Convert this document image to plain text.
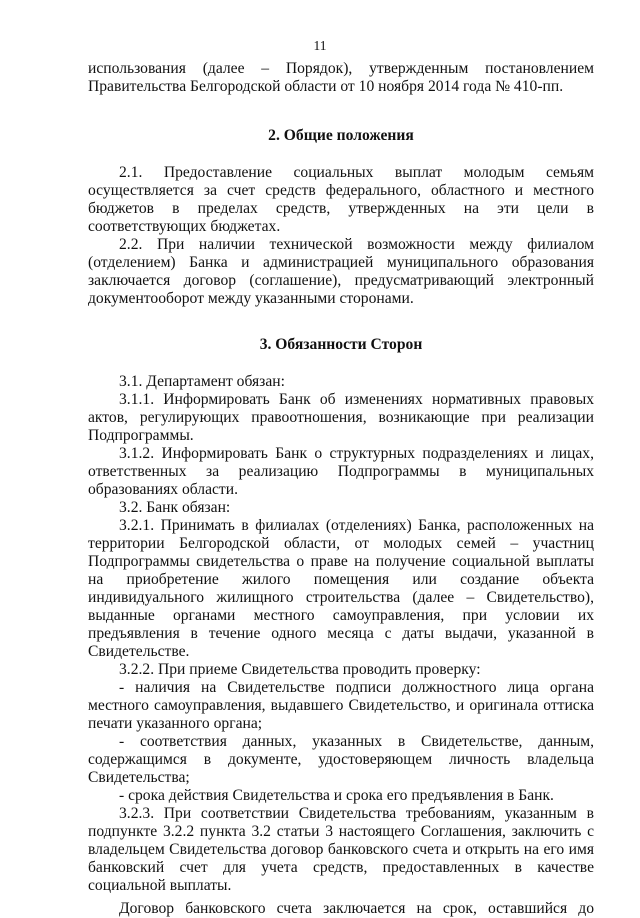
11

использования (далее – Порядок), утвержденным постановлением

Правительства Белгородской области от 10 ноября 2014 года № 410-пп.

2. Общие положения

2.1. Предоставление социальных выплат молодым семьям осуществляется за счет средств федерального, областного и местного бюджетов в пределах средств, утвержденных на эти цели в соответствующих бюджетах.

2.2. При наличии технической возможности между филиалом (отделением) Банка и администрацией муниципального образования заключается договор (соглашение), предусматривающий электронный документооборот между указанными сторонами.

3. Обязанности Сторон

3.1. Департамент обязан:

3.1.1. Информировать Банк об изменениях нормативных правовых актов, регулирующих правоотношения, возникающие при реализации Подпрограммы.

3.1.2. Информировать Банк о структурных подразделениях и лицах, ответственных за реализацию Подпрограммы в муниципальных образованиях области.

3.2. Банк обязан:

3.2.1. Принимать в филиалах (отделениях) Банка, расположенных на территории Белгородской области, от молодых семей – участниц Подпрограммы свидетельства о праве на получение социальной выплаты на приобретение жилого помещения или создание объекта индивидуального жилищного строительства (далее – Свидетельство), выданные органами местного самоуправления, при условии их предъявления в течение одного месяца с даты выдачи, указанной в Свидетельстве.

3.2.2. При приеме Свидетельства проводить проверку:

- наличия на Свидетельстве подписи должностного лица органа местного самоуправления, выдавшего Свидетельство, и оригинала оттиска печати указанного органа;

- соответствия данных, указанных в Свидетельстве, данным, содержащимся в документе, удостоверяющем личность владельца Свидетельства;

- срока действия Свидетельства и срока его предъявления в Банк.

3.2.3. При соответствии Свидетельства требованиям, указанным в подпункте 3.2.2 пункта 3.2 статьи 3 настоящего Соглашения, заключить с владельцем Свидетельства договор банковского счета и открыть на его имя банковский счет для учета средств, предоставленных в качестве социальной выплаты.

Договор банковского счета заключается на срок, оставшийся до
